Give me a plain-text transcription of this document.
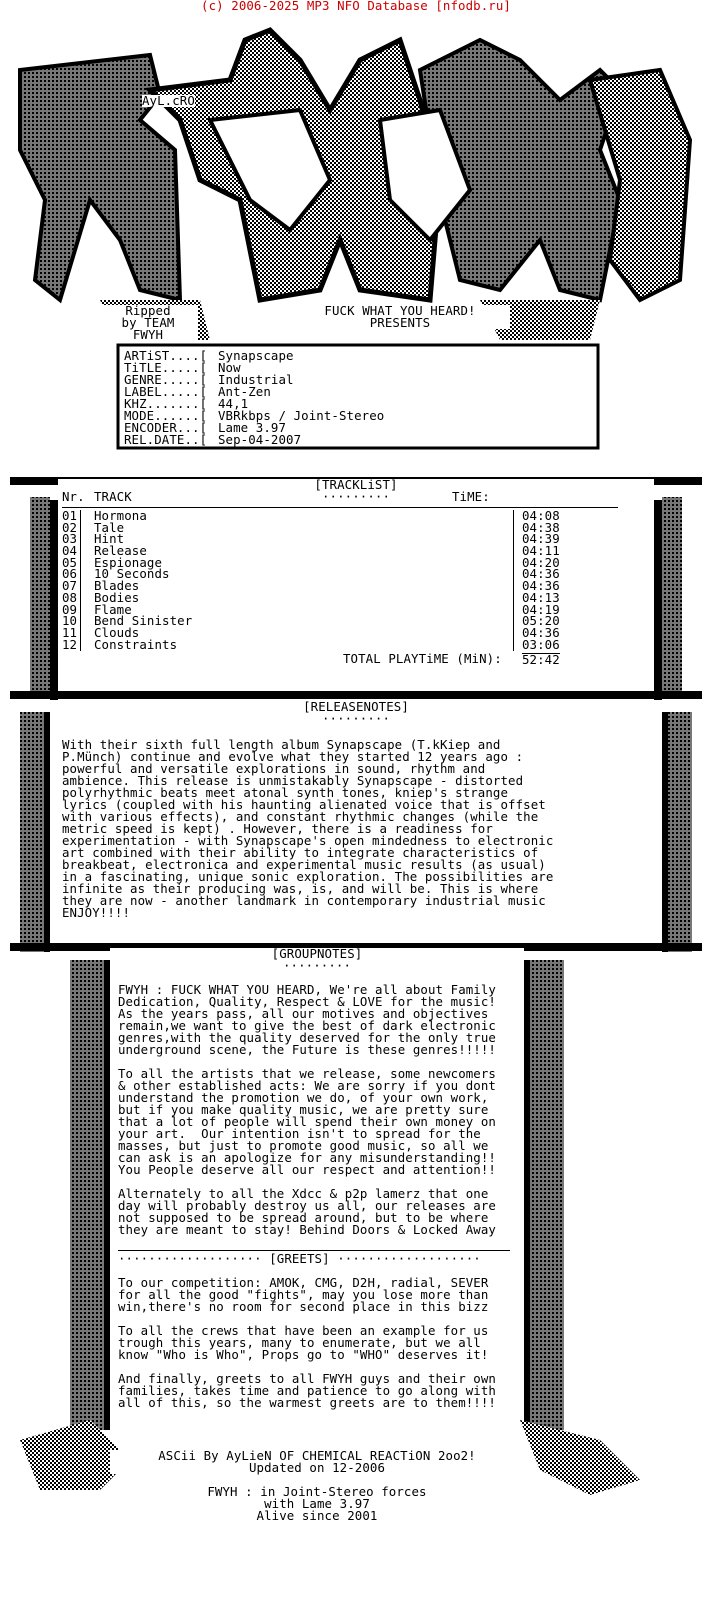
(c) 2006-2025 MP3 NFO Database [nfodb.ru]
AyL.cRO
Ripped
by TEAM
FWYH
FUCK WHAT YOU HEARD!
PRESENTS
ARTiST....[ Synapscape
TiTLE.....[ Now
GENRE.....[ Industrial
LABEL.....[ Ant-Zen
KHZ.......[ 44,1
MODE......[ VBRkbps / Joint-Stereo
ENCODER...[ Lame 3.97
REL.DATE..[ Sep-04-2007
[TRACKLiST]
Nr. TRACK	·········	TiME:
01 Hormona	04:08
02 Tale	04:38
03 Hint	04:39
04 Release	04:11
05 Espionage	04:20
06 10 Seconds	04:36
07 Blades	04:36
08 Bodies	04:13
09 Flame	04:19
10 Bend Sinister	05:20
11 Clouds	04:36
12 Constraints	03:06
TOTAL PLAYTiME (MiN): 52:42
[RELEASENOTES]
·········
With their sixth full length album Synapscape (T.kKiep and
P.Münch) continue and evolve what they started 12 years ago :
powerful and versatile explorations in sound, rhythm and
ambience. This release is unmistakably Synapscape - distorted
polyrhythmic beats meet atonal synth tones, kniep's strange
lyrics (coupled with his haunting alienated voice that is offset
with various effects), and constant rhythmic changes (while the
metric speed is kept) . However, there is a readiness for
experimentation - with Synapscape's open mindedness to electronic
art combined with their ability to integrate characteristics of
breakbeat, electronica and experimental music results (as usual)
in a fascinating, unique sonic exploration. The possibilities are
infinite as their producing was, is, and will be. This is where
they are now - another landmark in contemporary industrial music
ENJOY!!!!
[GROUPNOTES]
·········
FWYH : FUCK WHAT YOU HEARD, We're all about Family
Dedication, Quality, Respect & LOVE for the music!
As the years pass, all our motives and objectives
remain,we want to give the best of dark electronic
genres,with the quality deserved for the only true
underground scene, the Future is these genres!!!!!
To all the artists that we release, some newcomers
& other established acts: We are sorry if you dont
understand the promotion we do, of your own work,
but if you make quality music, we are pretty sure
that a lot of people will spend their own money on
your art.  Our intention isn't to spread for the
masses, but just to promote good music, so all we
can ask is an apologize for any misunderstanding!!
You People deserve all our respect and attention!!
Alternately to all the Xdcc & p2p lamerz that one
day will probably destroy us all, our releases are
not supposed to be spread around, but to be where
they are meant to stay! Behind Doors & Locked Away
··················· [GREETS] ···················
To our competition: AMOK, CMG, D2H, radial, SEVER
for all the good "fights", may you lose more than
win,there's no room for second place in this bizz
To all the crews that have been an example for us
trough this years, many to enumerate, but we all
know "Who is Who", Props go to "WHO" deserves it!
And finally, greets to all FWYH guys and their own
families, takes time and patience to go along with
all of this, so the warmest greets are to them!!!!
ASCii By AyLieN OF CHEMICAL REACTiON 2oo2!
Updated on 12-2006
FWYH : in Joint-Stereo forces
with Lame 3.97
Alive since 2001
